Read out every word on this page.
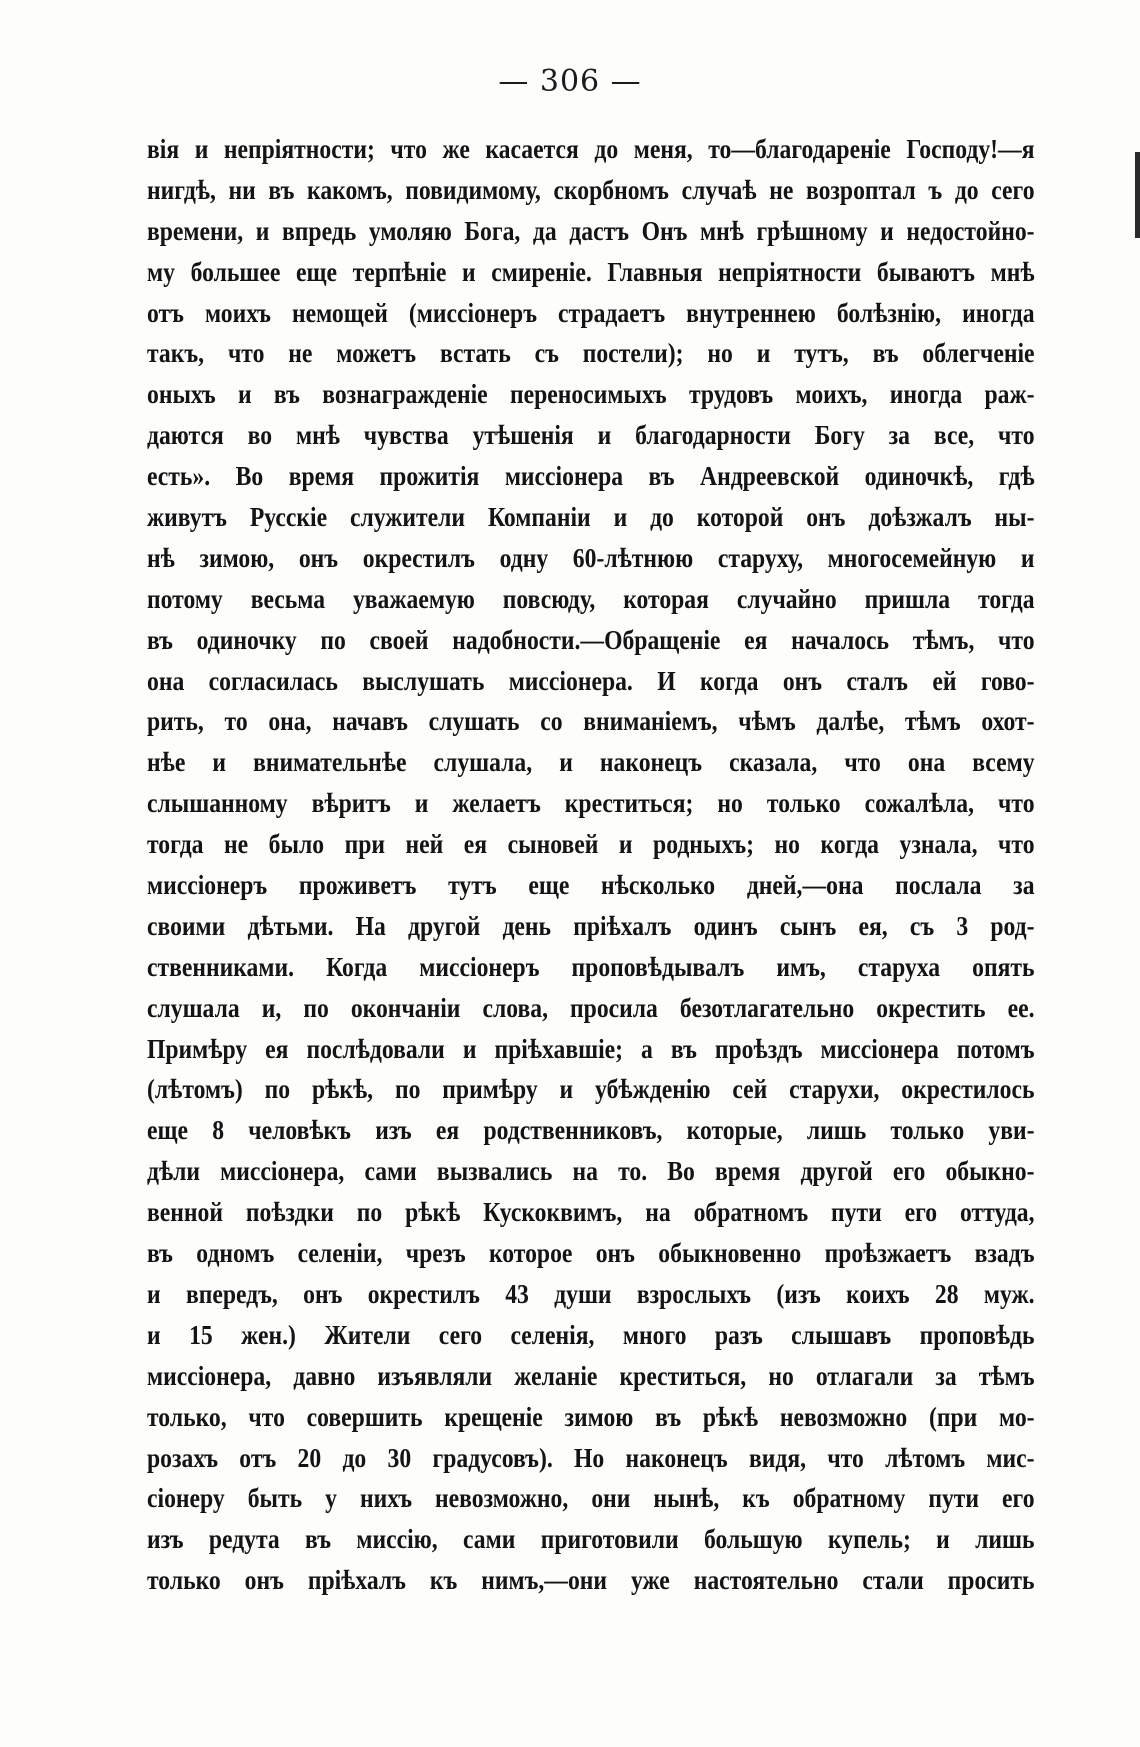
— 306 —
вія и непріятности; что же касается до меня, то—благодареніе Господу!—я
нигдѣ, ни въ какомъ, повидимому, скорбномъ случаѣ не возроптал ъ до сего
времени, и впредь умоляю Бога, да дастъ Онъ мнѣ грѣшному и недостойно-
му большее еще терпѣніе и смиреніе. Главныя непріятности бываютъ мнѣ
отъ моихъ немощей (миссіонеръ страдаетъ внутреннею болѣзнію, иногда
такъ, что не можетъ встать съ постели); но и тутъ, въ облегченіе
оныхъ и въ вознагражденіе переносимыхъ трудовъ моихъ, иногда раж-
даются во мнѣ чувства утѣшенія и благодарности Богу за все, что
есть». Во время прожитія миссіонера въ Андреевской одиночкѣ, гдѣ
живутъ Русскіе служители Компаніи и до которой онъ доѣзжалъ ны-
нѣ зимою, онъ окрестилъ одну 60-лѣтнюю старуху, многосемейную и
потому весьма уважаемую повсюду, которая случайно пришла тогда
въ одиночку по своей надобности.—Обращеніе ея началось тѣмъ, что
она согласилась выслушать миссіонера. И когда онъ сталъ ей гово-
рить, то она, начавъ слушать со вниманіемъ, чѣмъ далѣе, тѣмъ охот-
нѣе и внимательнѣе слушала, и наконецъ сказала, что она всему
слышанному вѣритъ и желаетъ креститься; но только сожалѣла, что
тогда не было при ней ея сыновей и родныхъ; но когда узнала, что
миссіонеръ проживетъ тутъ еще нѣсколько дней,—она послала за
своими дѣтьми. На другой день пріѣхалъ одинъ сынъ ея, съ 3 род-
ственниками. Когда миссіонеръ проповѣдывалъ имъ, старуха опять
слушала и, по окончаніи слова, просила безотлагательно окрестить ее.
Примѣру ея послѣдовали и пріѣхавшіе; а въ проѣздъ миссіонера потомъ
(лѣтомъ) по рѣкѣ, по примѣру и убѣжденію сей старухи, окрестилось
еще 8 человѣкъ изъ ея родственниковъ, которые, лишь только уви-
дѣли миссіонера, сами вызвались на то. Во время другой его обыкно-
венной поѣздки по рѣкѣ Кускоквимъ, на обратномъ пути его оттуда,
въ одномъ селеніи, чрезъ которое онъ обыкновенно проѣзжаетъ взадъ
и впередъ, онъ окрестилъ 43 души взрослыхъ (изъ коихъ 28 муж.
и 15 жен.) Жители сего селенія, много разъ слышавъ проповѣдь
миссіонера, давно изъявляли желаніе креститься, но отлагали за тѣмъ
только, что совершить крещеніе зимою въ рѣкѣ невозможно (при мо-
розахъ отъ 20 до 30 градусовъ). Но наконецъ видя, что лѣтомъ мис-
сіонеру быть у нихъ невозможно, они нынѣ, къ обратному пути его
изъ редута въ миссію, сами приготовили большую купель; и лишь
только онъ пріѣхалъ къ нимъ,—они уже настоятельно стали просить
